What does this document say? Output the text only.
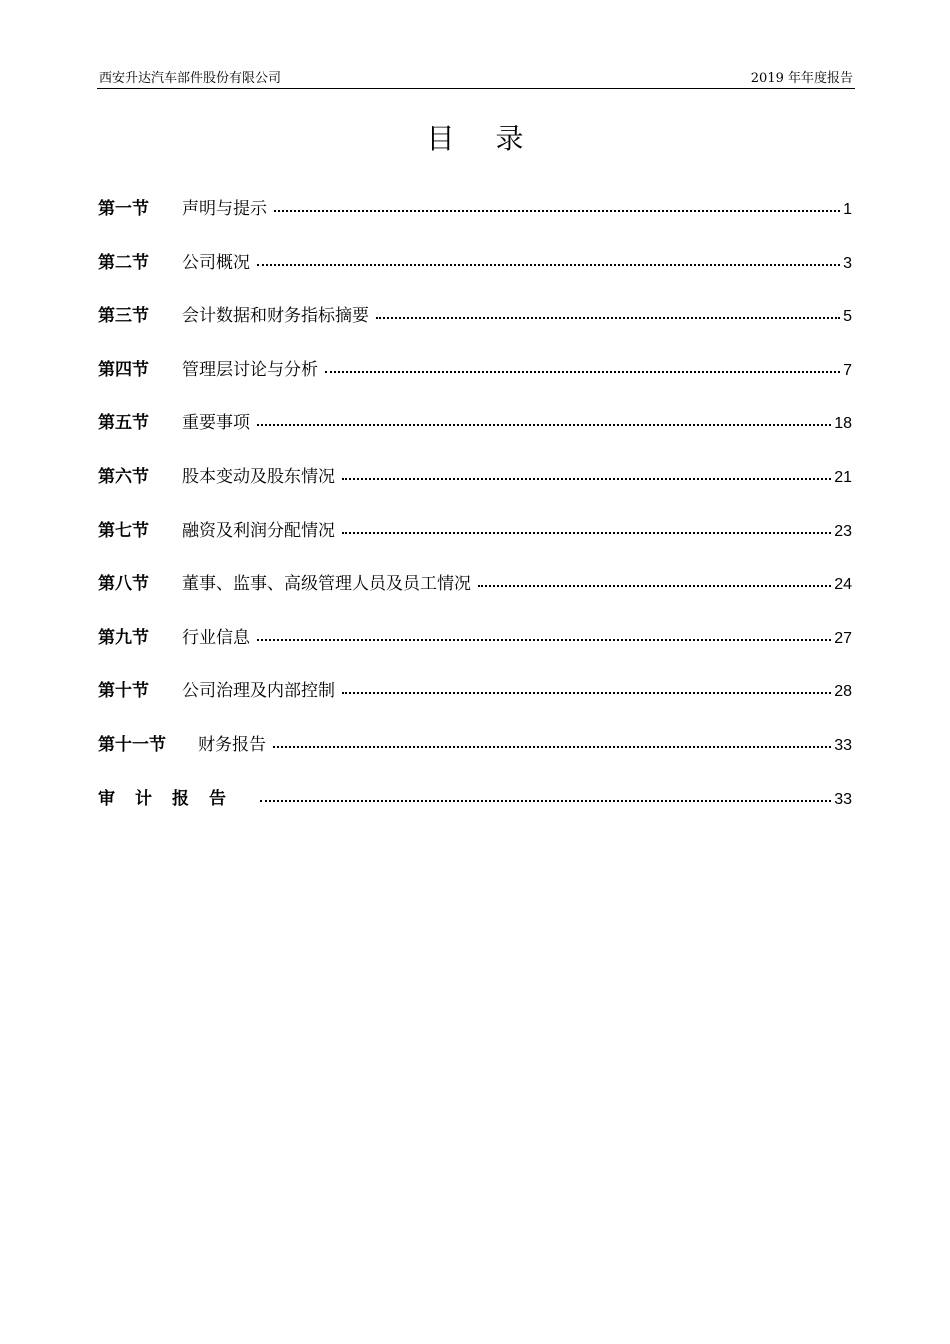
西安升达汽车部件股份有限公司	2019 年年度报告
目 录
第一节	声明与提示	1
第二节	公司概况	3
第三节	会计数据和财务指标摘要	5
第四节	管理层讨论与分析	7
第五节	重要事项	18
第六节	股本变动及股东情况	21
第七节	融资及利润分配情况	23
第八节	董事、监事、高级管理人员及员工情况	24
第九节	行业信息	27
第十节	公司治理及内部控制	28
第十一节	财务报告	33
审计报告	33
